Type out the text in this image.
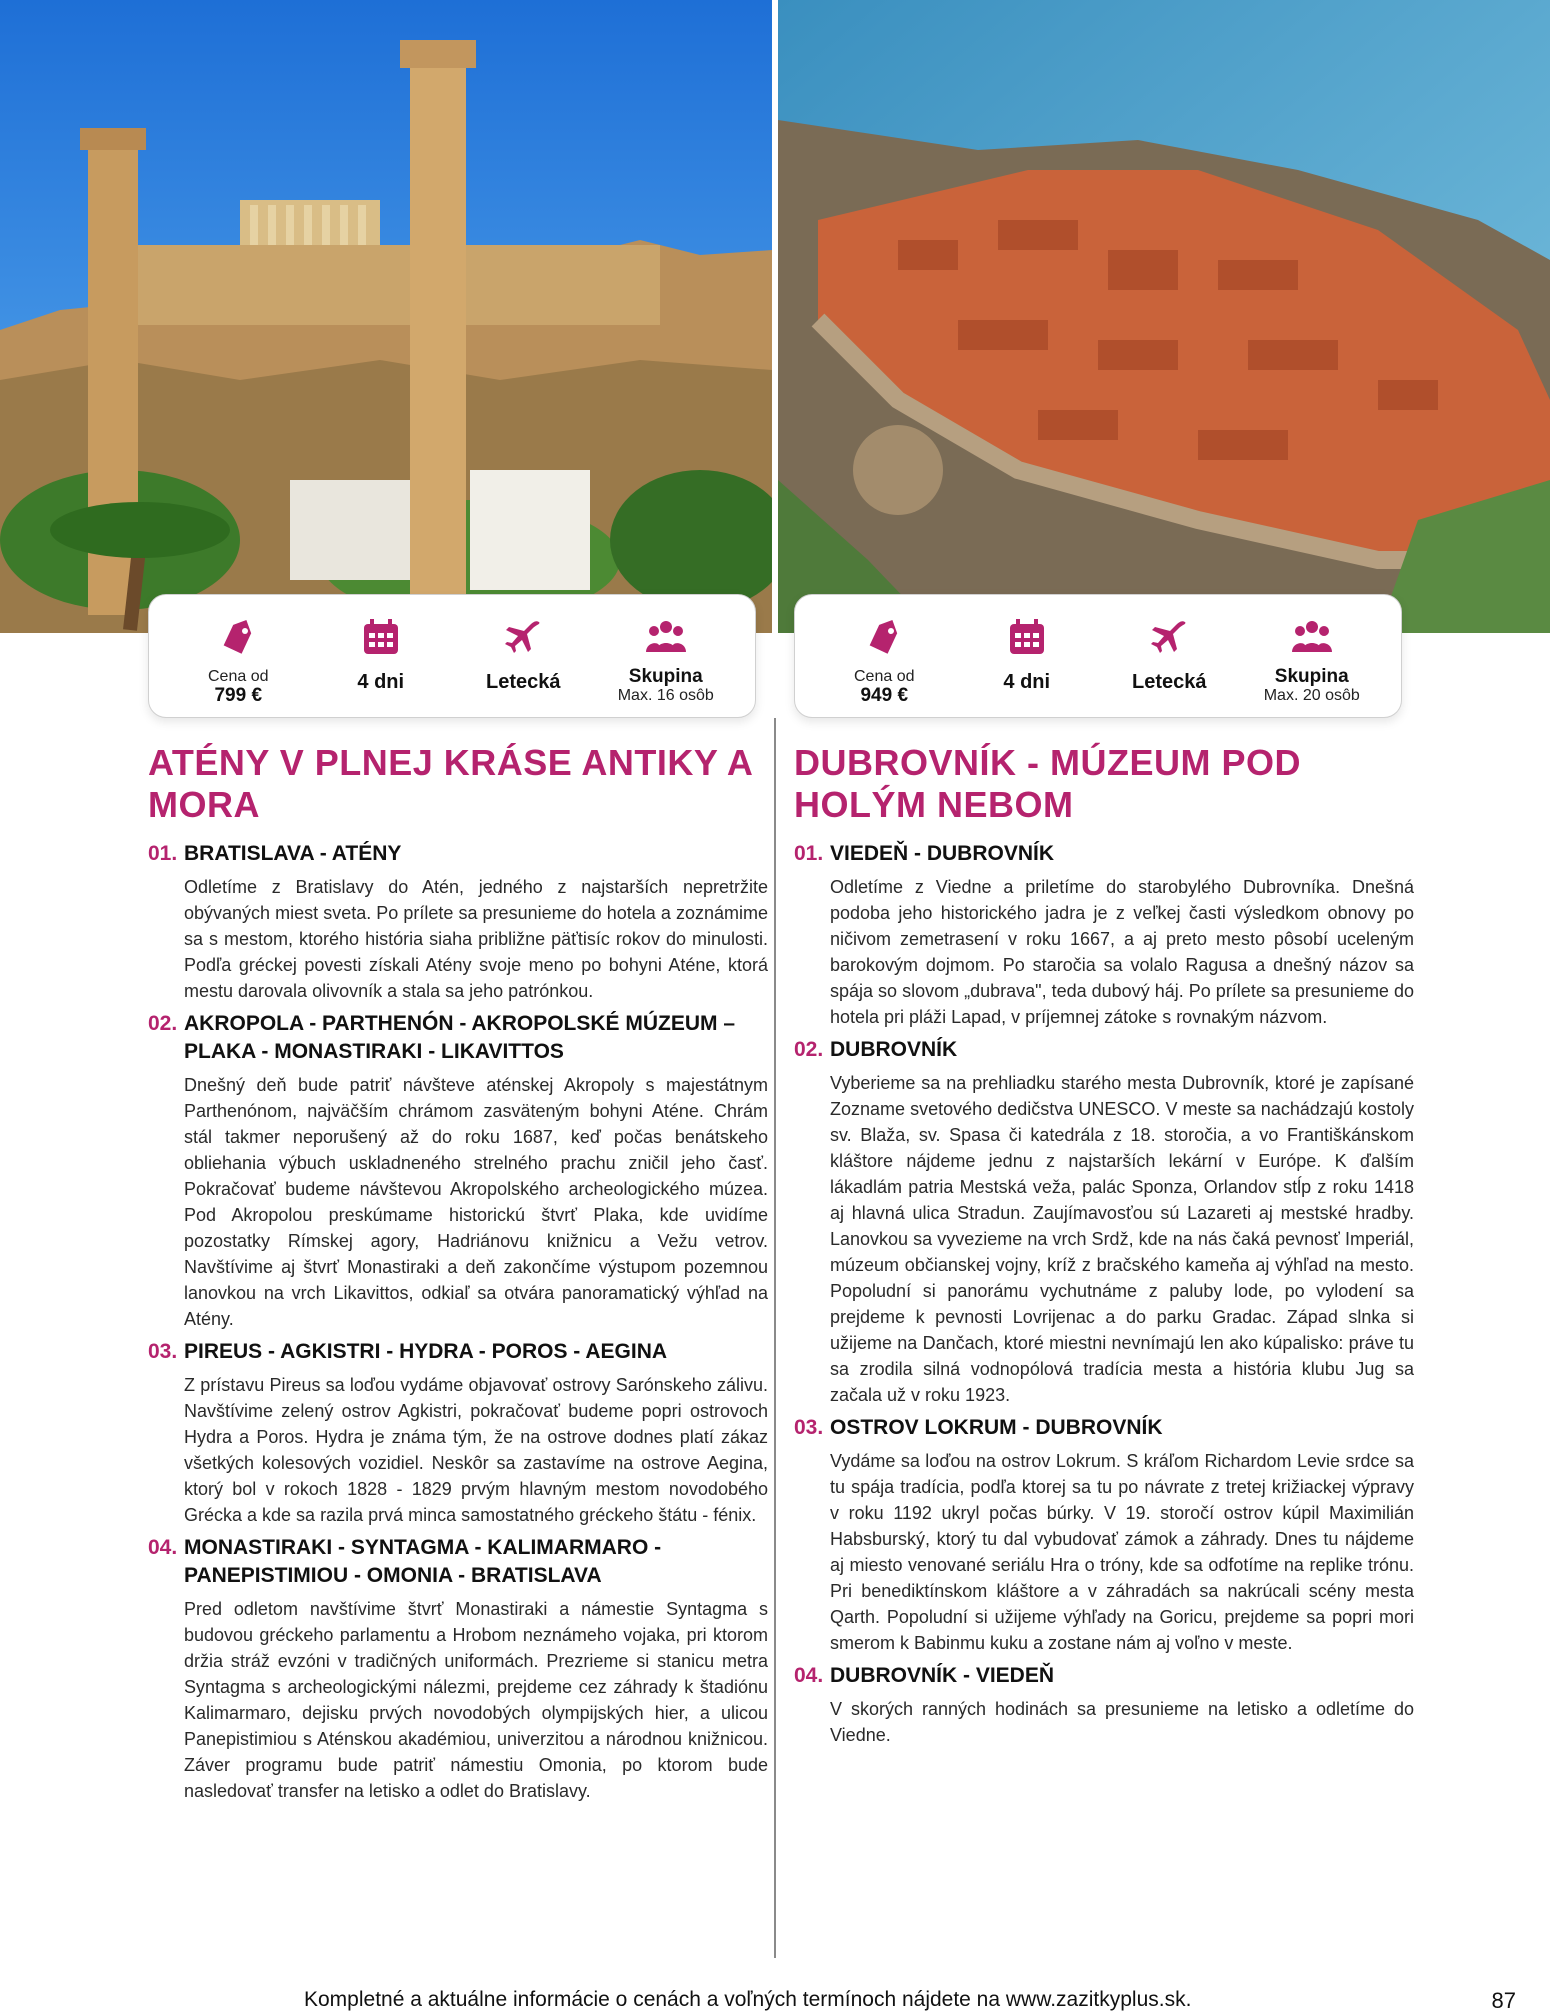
Cena od
799 €
4 dni	Letecká	Skupina
Max. 16 osôb
ATÉNY V PLNEJ KRÁSE ANTIKY A MORA
01. BRATISLAVA - ATÉNY

Odletíme z Bratislavy do Atén, jedného z najstarších nepretržite obývaných miest sveta. Po prílete sa presunieme do hotela a zoznámime sa s mestom, ktorého história siaha približne päťtisíc rokov do minulosti. Podľa gréckej povesti získali Atény svoje meno po bohyni Aténe, ktorá mestu darovala olivovník a stala sa jeho patrónkou.

02. AKROPOLA - PARTHENÓN - AKROPOLSKÉ MÚZEUM – PLAKA - MONASTIRAKI - LIKAVITTOS

Dnešný deň bude patriť návšteve aténskej Akropoly s majestátnym Parthenónom, najväčším chrámom zasväteným bohyni Aténe. Chrám stál takmer neporušený až do roku 1687, keď počas benátskeho obliehania výbuch uskladneného strelného prachu zničil jeho časť. Pokračovať budeme návštevou Akropolského archeologického múzea. Pod Akropolou preskúmame historickú štvrť Plaka, kde uvidíme pozostatky Rímskej agory, Hadriánovu knižnicu a Vežu vetrov. Navštívime aj štvrť Monastiraki a deň zakončíme výstupom pozemnou lanovkou na vrch Likavittos, odkiaľ sa otvára panoramatický výhľad na Atény.

03. PIREUS - AGKISTRI - HYDRA - POROS - AEGINA

Z prístavu Pireus sa loďou vydáme objavovať ostrovy Sarónskeho zálivu. Navštívime zelený ostrov Agkistri, pokračovať budeme popri ostrovoch Hydra a Poros. Hydra je známa tým, že na ostrove dodnes platí zákaz všetkých kolesových vozidiel. Neskôr sa zastavíme na ostrove Aegina, ktorý bol v rokoch 1828 - 1829 prvým hlavným mestom novodobého Grécka a kde sa razila prvá minca samostatného gréckeho štátu - fénix.

04. MONASTIRAKI - SYNTAGMA - KALIMARMARO - PANEPISTIMIOU - OMONIA - BRATISLAVA

Pred odletom navštívime štvrť Monastiraki a námestie Syntagma s budovou gréckeho parlamentu a Hrobom neznámeho vojaka, pri ktorom držia stráž evzóni v tradičných uniformách. Prezrieme si stanicu metra Syntagma s archeologickými nálezmi, prejdeme cez záhrady k štadiónu Kalimarmaro, dejisku prvých novodobých olympijských hier, a ulicou Panepistimiou s Aténskou akadémiou, univerzitou a národnou knižnicou. Záver programu bude patriť námestiu Omonia, po ktorom bude nasledovať transfer na letisko a odlet do Bratislavy.

Cena od
949 €
4 dni	Letecká	Skupina
Max. 20 osôb
DUBROVNÍK - MÚZEUM POD HOLÝM NEBOM
01. VIEDEŇ - DUBROVNÍK

Odletíme z Viedne a priletíme do starobylého Dubrovníka. Dnešná podoba jeho historického jadra je z veľkej časti výsledkom obnovy po ničivom zemetrasení v roku 1667, a aj preto mesto pôsobí uceleným barokovým dojmom. Po staročia sa volalo Ragusa a dnešný názov sa spája so slovom „dubrava", teda dubový háj. Po prílete sa presunieme do hotela pri pláži Lapad, v príjemnej zátoke s rovnakým názvom.

02. DUBROVNÍK

Vyberieme sa na prehliadku starého mesta Dubrovník, ktoré je zapísané Zozname svetového dedičstva UNESCO. V meste sa nachádzajú kostoly sv. Blaža, sv. Spasa či katedrála z 18. storočia, a vo Františkánskom kláštore nájdeme jednu z najstarších lekární v Európe. K ďalším lákadlám patria Mestská veža, palác Sponza, Orlandov stĺp z roku 1418 aj hlavná ulica Stradun. Zaujímavosťou sú Lazareti aj mestské hradby. Lanovkou sa vyvezieme na vrch Srdž, kde na nás čaká pevnosť Imperiál, múzeum občianskej vojny, kríž z bračského kameňa aj výhľad na mesto. Popoludní si panorámu vychutnáme z paluby lode, po vylodení sa prejdeme k pevnosti Lovrijenac a do parku Gradac. Západ slnka si užijeme na Dančach, ktoré miestni nevnímajú len ako kúpalisko: práve tu sa zrodila silná vodnopólová tradícia mesta a história klubu Jug sa začala už v roku 1923.

03. OSTROV LOKRUM - DUBROVNÍK

Vydáme sa loďou na ostrov Lokrum. S kráľom Richardom Levie srdce sa tu spája tradícia, podľa ktorej sa tu po návrate z tretej križiackej výpravy v roku 1192 ukryl počas búrky. V 19. storočí ostrov kúpil Maximilián Habsburský, ktorý tu dal vybudovať zámok a záhrady. Dnes tu nájdeme aj miesto venované seriálu Hra o tróny, kde sa odfotíme na replike trónu. Pri benediktínskom kláštore a v záhradách sa nakrúcali scény mesta Qarth. Popoludní si užijeme výhľady na Goricu, prejdeme sa popri mori smerom k Babinmu kuku a zostane nám aj voľno v meste.

04. DUBROVNÍK - VIEDEŇ

V skorých ranných hodinách sa presunieme na letisko a odletíme do Viedne.

Kompletné a aktuálne informácie o cenách a voľných termínoch nájdete na www.zazitkyplus.sk.	87
